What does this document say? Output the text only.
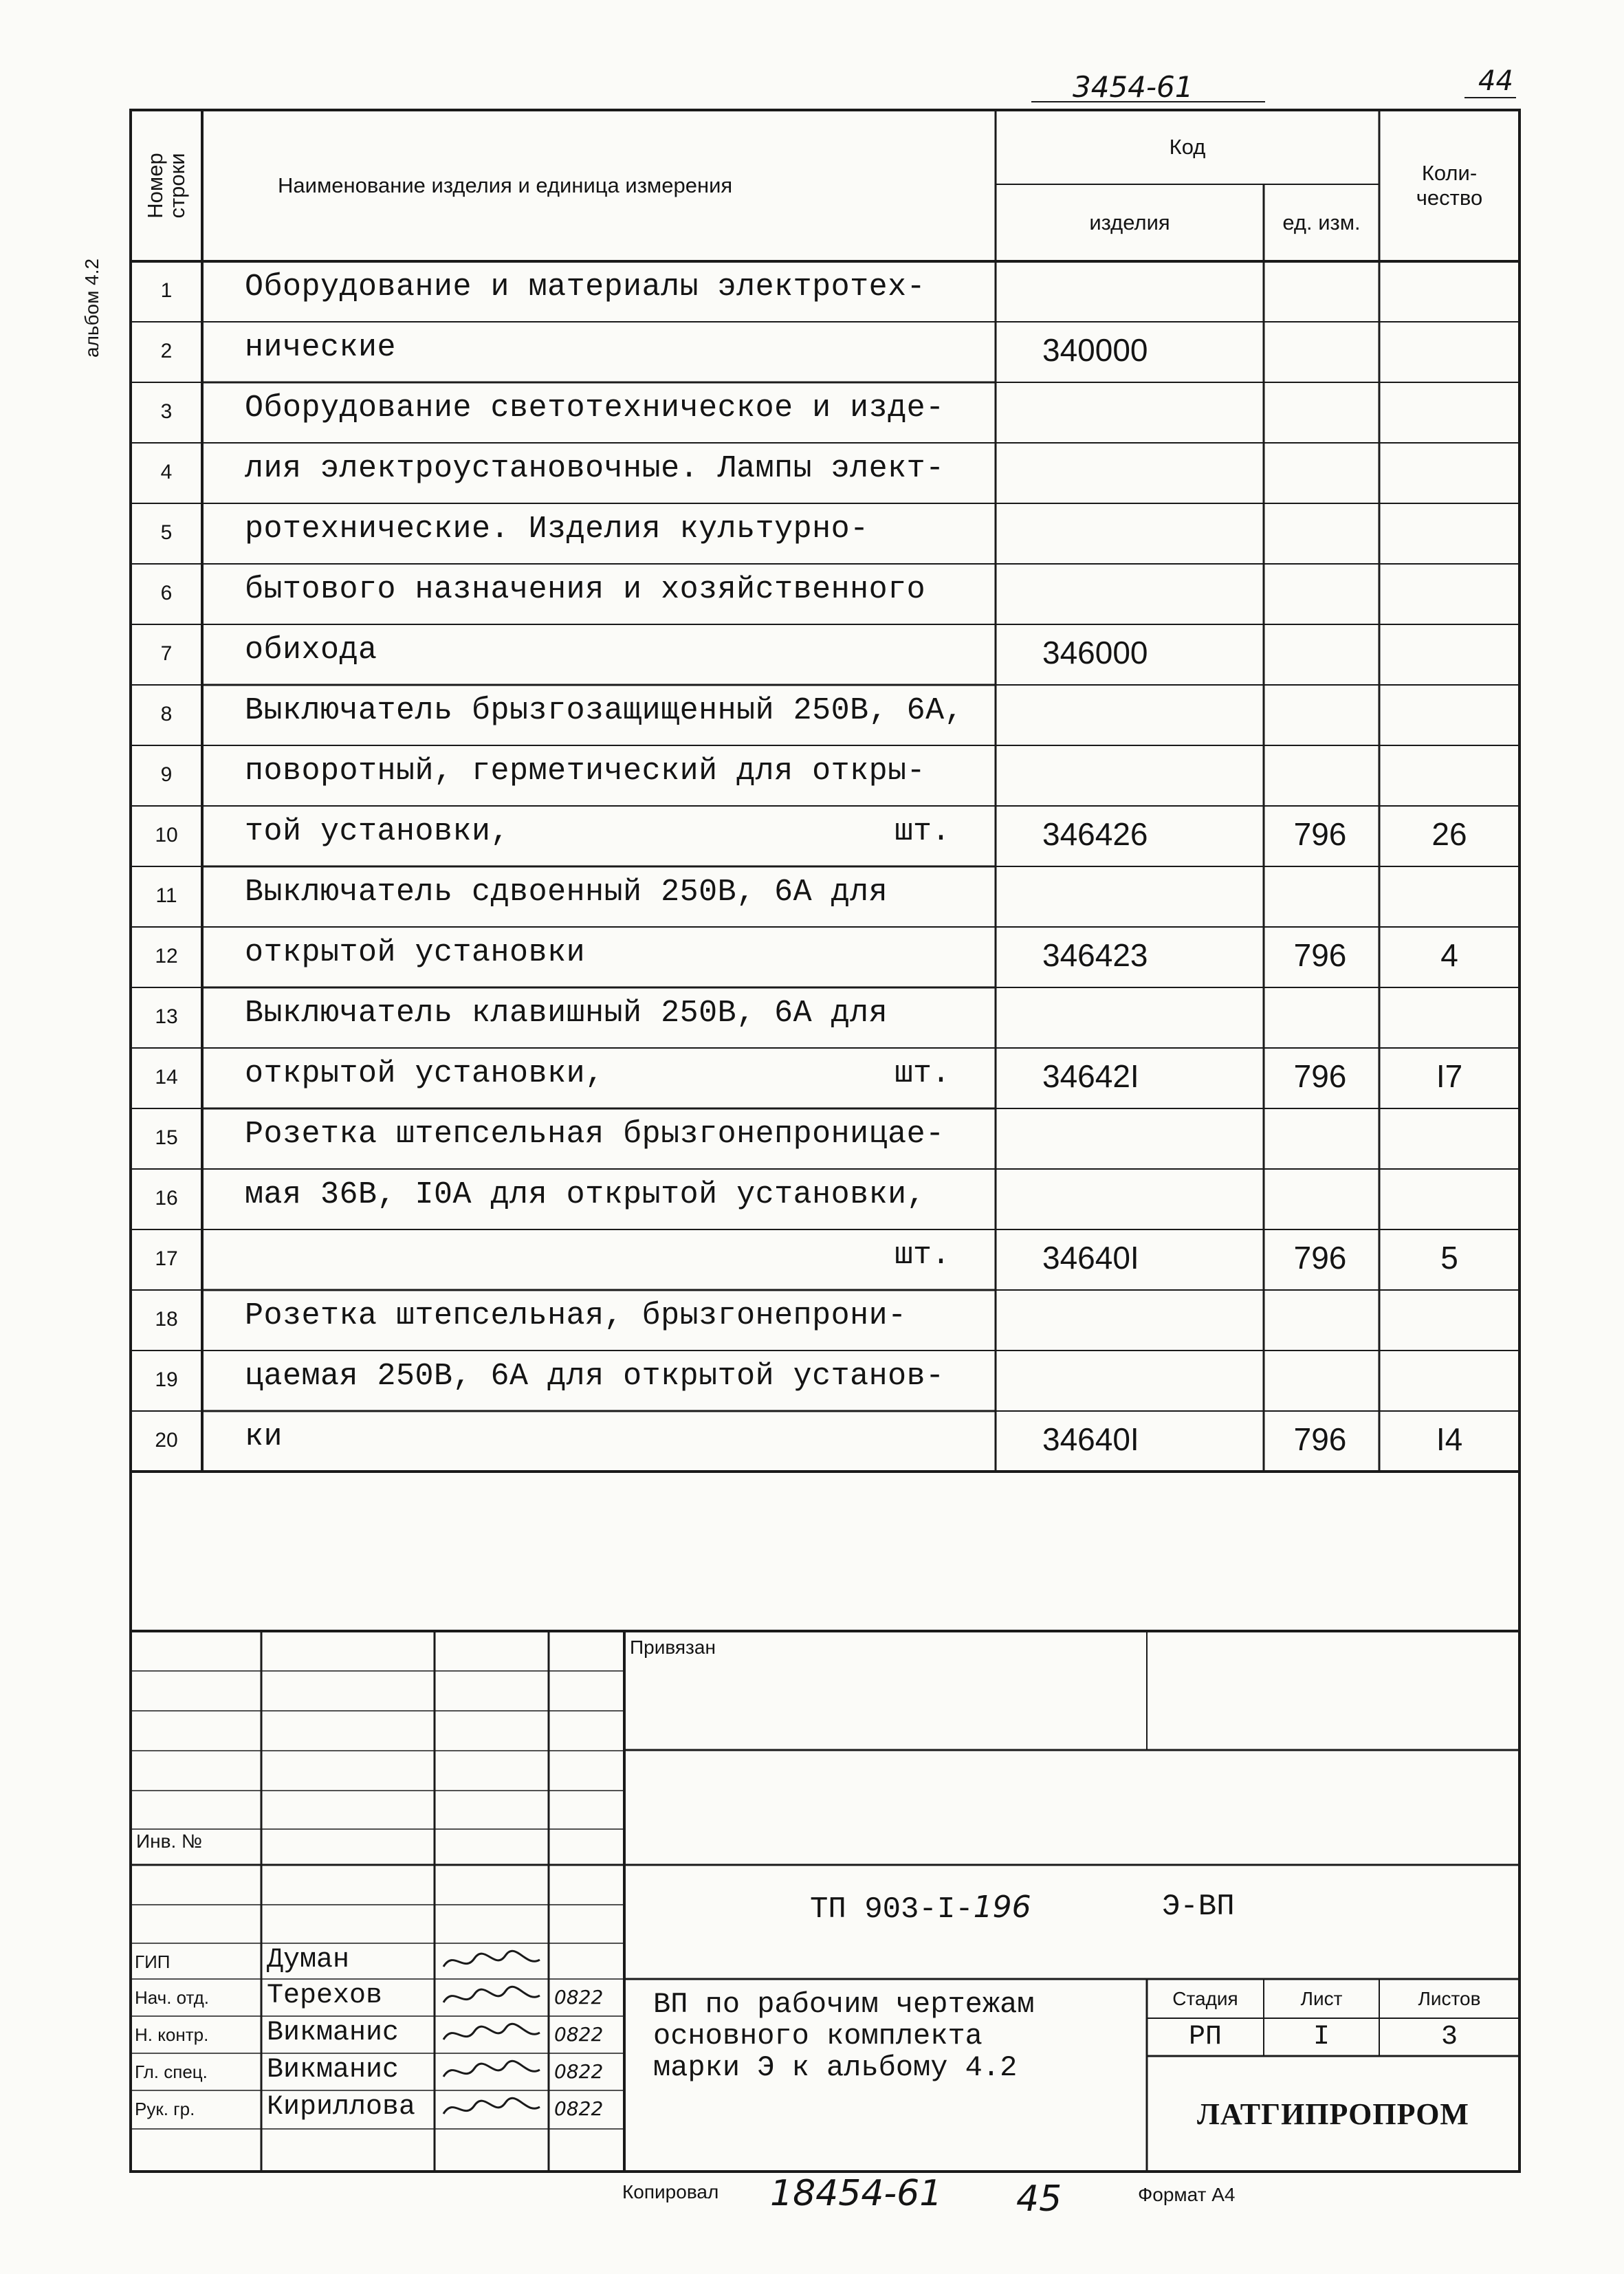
3454-61	44
альбом 4.2
Номер строки	Наименование изделия и единица измерения
Код
изделия	ед. изм.
Коли-
чество
1	Оборудование и материалы электротех-
2	нические	340000
3	Оборудование светотехническое и изде-
4	лия электроустановочные. Лампы элект-
5	ротехнические. Изделия культурно-
6	бытового назначения и хозяйственного
7	обихода	346000
8	Выключатель брызгозащищенный 250В, 6А,
9	поворотный, герметический для откры-
10	той установки,	шт.	346426	796	26
11	Выключатель сдвоенный 250В, 6А для
12	открытой установки	346423	796	4
13	Выключатель клавишный 250В, 6А для
14	открытой установки,	шт.	34642I	796	I7
15	Розетка штепсельная брызгонепроницае-
16	мая 36В, I0А для открытой установки,
17	шт.	34640I	796	5
18	Розетка штепсельная, брызгонепрони-
19	цаемая 250В, 6А для открытой установ-
20	ки	34640I	796	I4
Привязан
Инв. №
ТП 903-I-196	Э-ВП
ГИП	Думан
Нач. отд. Терехов	0822
Н. контр. Викманис	0822
Гл. спец. Викманис	0822
Рук. гр.	Кириллова	0822
ВП по рабочим чертежам
основного комплекта
марки Э к альбому 4.2
Стадия	Лист	Листов
РП	I	3
ЛАТГИПРОПРОМ
Копировал 18454-61 45	Формат А4
